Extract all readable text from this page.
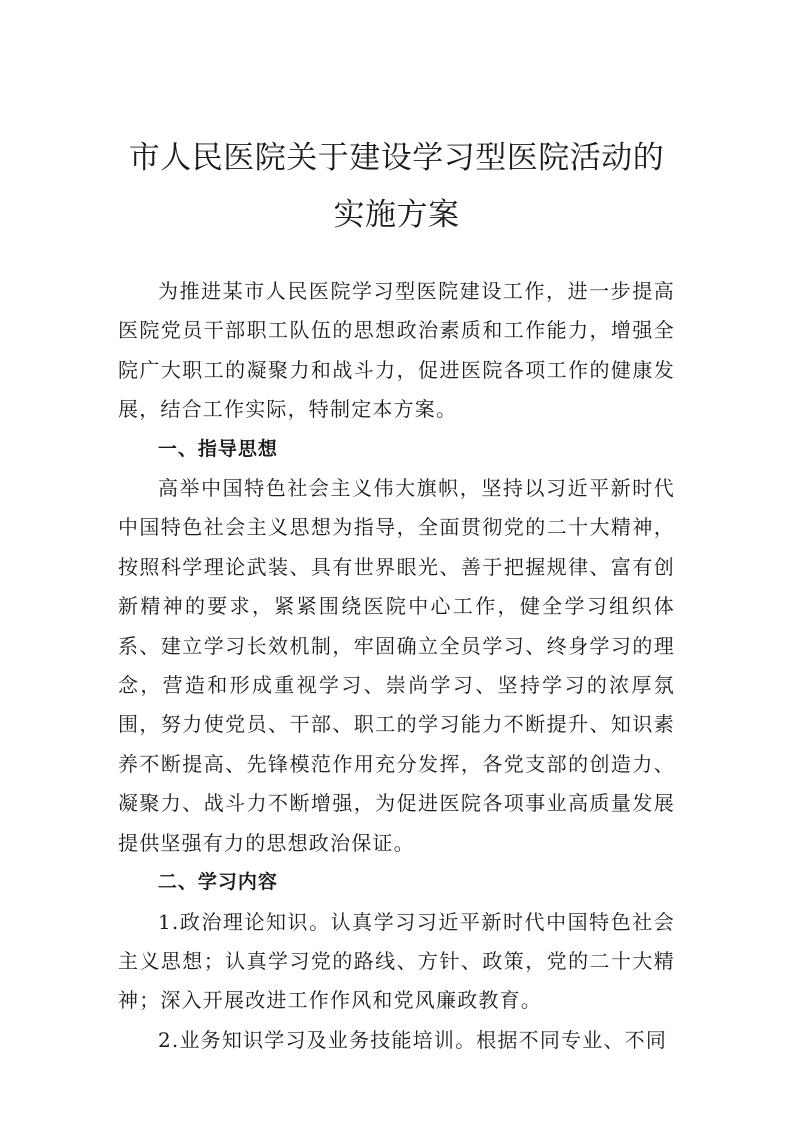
市人民医院关于建设学习型医院活动的实施方案

为推进某市人民医院学习型医院建设工作，进一步提高医院党员干部职工队伍的思想政治素质和工作能力，增强全院广大职工的凝聚力和战斗力，促进医院各项工作的健康发展，结合工作实际，特制定本方案。

一、指导思想

高举中国特色社会主义伟大旗帜，坚持以习近平新时代中国特色社会主义思想为指导，全面贯彻党的二十大精神，按照科学理论武装、具有世界眼光、善于把握规律、富有创新精神的要求，紧紧围绕医院中心工作，健全学习组织体系、建立学习长效机制，牢固确立全员学习、终身学习的理念，营造和形成重视学习、崇尚学习、坚持学习的浓厚氛围，努力使党员、干部、职工的学习能力不断提升、知识素养不断提高、先锋模范作用充分发挥，各党支部的创造力、凝聚力、战斗力不断增强，为促进医院各项事业高质量发展提供坚强有力的思想政治保证。

二、学习内容

1.政治理论知识。认真学习习近平新时代中国特色社会主义思想；认真学习党的路线、方针、政策，党的二十大精神；深入开展改进工作作风和党风廉政教育。

2.业务知识学习及业务技能培训。根据不同专业、不同
